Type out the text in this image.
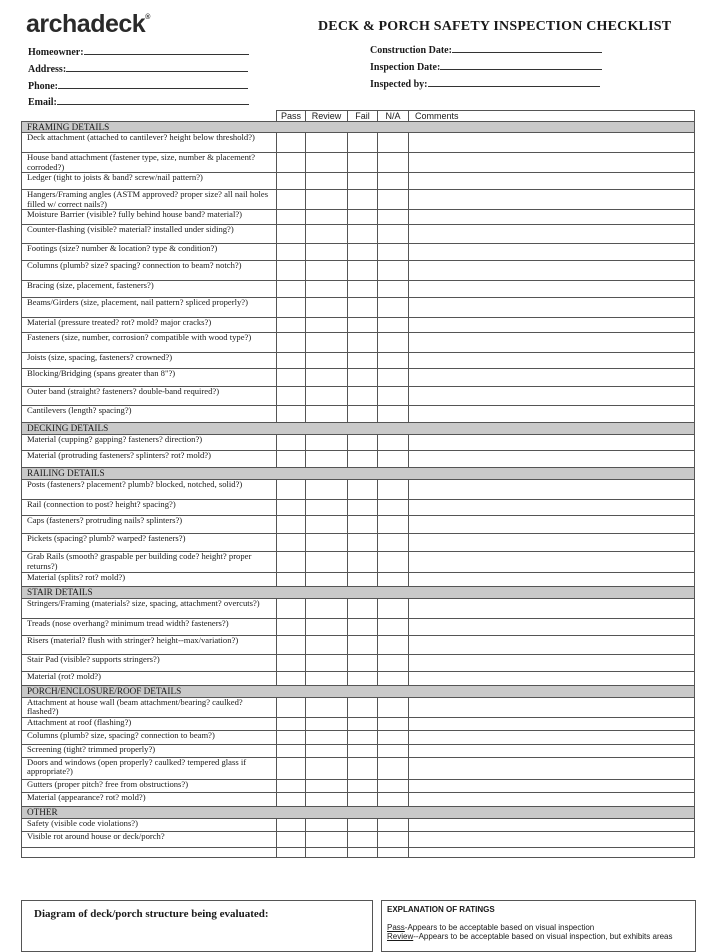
archadeck®
DECK & PORCH SAFETY INSPECTION CHECKLIST
Homeowner:
Address:
Phone:
Email:
Construction Date:
Inspection Date:
Inspected by:
	Pass	Review	Fail	N/A	Comments
FRAMING DETAILS					
Deck attachment (attached to cantilever? height below threshold?)					
House band attachment (fastener type, size, number & placement? corroded?)					
Ledger (tight to joists & band? screw/nail pattern?)					
Hangers/Framing angles (ASTM approved? proper size? all nail holes filled w/ correct nails?)					
Moisture Barrier (visible? fully behind house band? material?)					
Counter-flashing (visible? material? installed under siding?)					
Footings (size? number & location? type & condition?)					
Columns (plumb? size? spacing? connection to beam? notch?)					
Bracing (size, placement, fasteners?)					
Beams/Girders (size, placement, nail pattern? spliced properly?)					
Material (pressure treated? rot? mold? major cracks?)					
Fasteners (size, number, corrosion? compatible with wood type?)					
Joists (size, spacing, fasteners? crowned?)					
Blocking/Bridging (spans greater than 8"?)					
Outer band (straight? fasteners? double-band required?)					
Cantilevers (length? spacing?)					
DECKING DETAILS					
Material (cupping? gapping? fasteners? direction?)					
Material (protruding fasteners? splinters? rot? mold?)					
RAILING DETAILS					
Posts (fasteners? placement? plumb? blocked, notched, solid?)					
Rail (connection to post? height? spacing?)					
Caps (fasteners? protruding nails? splinters?)					
Pickets (spacing? plumb? warped? fasteners?)					
Grab Rails (smooth? graspable per building code? height? proper returns?)					
Material (splits? rot? mold?)					
STAIR DETAILS					
Stringers/Framing (materials? size, spacing, attachment? overcuts?)					
Treads (nose overhang? minimum tread width? fasteners?)					
Risers (material? flush with stringer? height--max/variation?)					
Stair Pad (visible? supports stringers?)					
Material (rot? mold?)					
PORCH/ENCLOSURE/ROOF DETAILS					
Attachment at house wall (beam attachment/bearing? caulked? flashed?)					
Attachment at roof (flashing?)					
Columns (plumb? size, spacing? connection to beam?)					
Screening (tight? trimmed properly?)					
Doors and windows (open properly? caulked? tempered glass if appropriate?)					
Gutters (proper pitch? free from obstructions?)					
Material (appearance? rot? mold?)					
OTHER					
Safety (visible code violations?)					
Visible rot around house or deck/porch?					

Diagram of deck/porch structure being evaluated:	EXPLANATION OF RATINGS
Pass-Appears to be acceptable based on visual inspection
Review--Appears to be acceptable based on visual inspection, but exhibits areas
